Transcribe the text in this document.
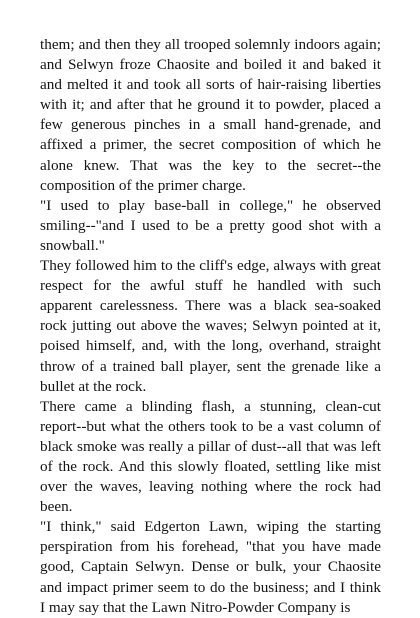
them; and then they all trooped solemnly indoors again; and Selwyn froze Chaosite and boiled it and baked it and melted it and took all sorts of hair-raising liberties with it; and after that he ground it to powder, placed a few generous pinches in a small hand-grenade, and affixed a primer, the secret composition of which he alone knew. That was the key to the secret--the composition of the primer charge.

"I used to play base-ball in college," he observed smiling--"and I used to be a pretty good shot with a snowball."

They followed him to the cliff's edge, always with great respect for the awful stuff he handled with such apparent carelessness. There was a black sea-soaked rock jutting out above the waves; Selwyn pointed at it, poised himself, and, with the long, overhand, straight throw of a trained ball player, sent the grenade like a bullet at the rock.

There came a blinding flash, a stunning, clean-cut report--but what the others took to be a vast column of black smoke was really a pillar of dust--all that was left of the rock. And this slowly floated, settling like mist over the waves, leaving nothing where the rock had been.

"I think," said Edgerton Lawn, wiping the starting perspiration from his forehead, "that you have made good, Captain Selwyn. Dense or bulk, your Chaosite and impact primer seem to do the business; and I think I may say that the Lawn Nitro-Powder Company is
